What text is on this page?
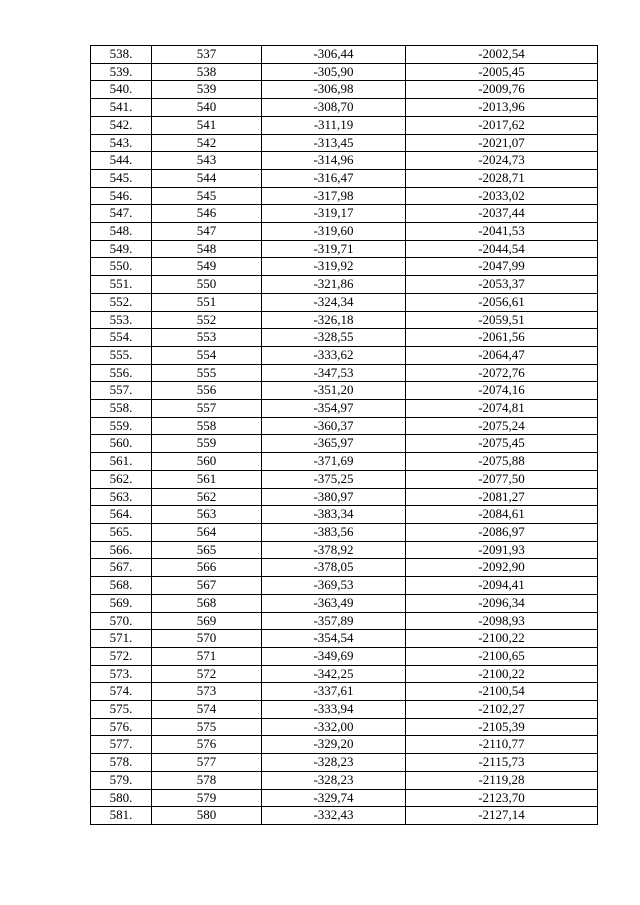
538.	537	-306,44	-2002,54
539.	538	-305,90	-2005,45
540.	539	-306,98	-2009,76
541.	540	-308,70	-2013,96
542.	541	-311,19	-2017,62
543.	542	-313,45	-2021,07
544.	543	-314,96	-2024,73
545.	544	-316,47	-2028,71
546.	545	-317,98	-2033,02
547.	546	-319,17	-2037,44
548.	547	-319,60	-2041,53
549.	548	-319,71	-2044,54
550.	549	-319,92	-2047,99
551.	550	-321,86	-2053,37
552.	551	-324,34	-2056,61
553.	552	-326,18	-2059,51
554.	553	-328,55	-2061,56
555.	554	-333,62	-2064,47
556.	555	-347,53	-2072,76
557.	556	-351,20	-2074,16
558.	557	-354,97	-2074,81
559.	558	-360,37	-2075,24
560.	559	-365,97	-2075,45
561.	560	-371,69	-2075,88
562.	561	-375,25	-2077,50
563.	562	-380,97	-2081,27
564.	563	-383,34	-2084,61
565.	564	-383,56	-2086,97
566.	565	-378,92	-2091,93
567.	566	-378,05	-2092,90
568.	567	-369,53	-2094,41
569.	568	-363,49	-2096,34
570.	569	-357,89	-2098,93
571.	570	-354,54	-2100,22
572.	571	-349,69	-2100,65
573.	572	-342,25	-2100,22
574.	573	-337,61	-2100,54
575.	574	-333,94	-2102,27
576.	575	-332,00	-2105,39
577.	576	-329,20	-2110,77
578.	577	-328,23	-2115,73
579.	578	-328,23	-2119,28
580.	579	-329,74	-2123,70
581.	580	-332,43	-2127,14
